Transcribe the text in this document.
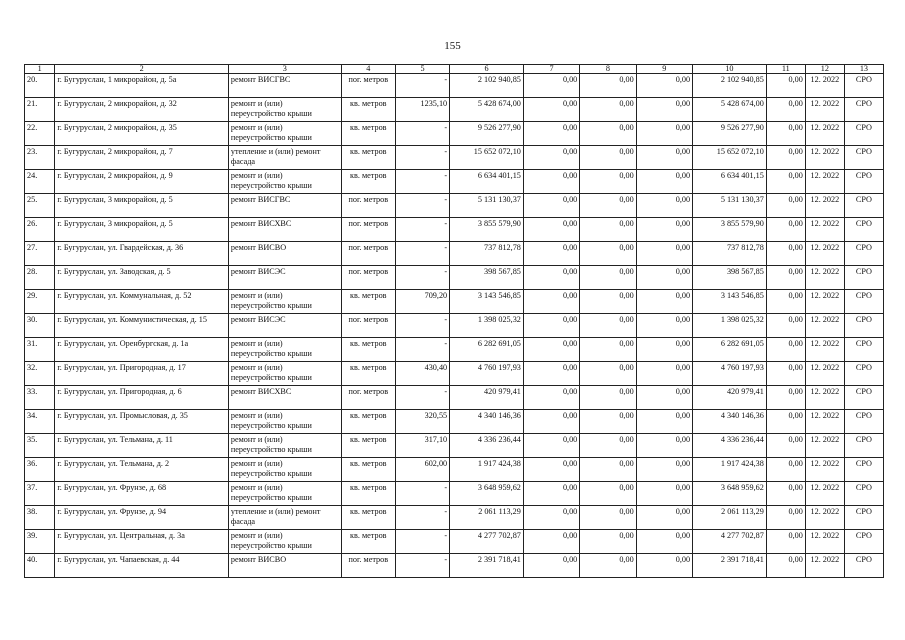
155
1	2	3	4	5	6	7	8	9	10	11	12	13
20.	г. Бугуруслан, 1 микрорайон, д. 5а	ремонт ВИСГВС	пог. метров	-	2 102 940,85	0,00	0,00	0,00	2 102 940,85	0,00	12. 2022	СРО
21.	г. Бугуруслан, 2 микрорайон, д. 32	ремонт и (или) переустройство крыши	кв. метров	1235,10	5 428 674,00	0,00	0,00	0,00	5 428 674,00	0,00	12. 2022	СРО
22.	г. Бугуруслан, 2 микрорайон, д. 35	ремонт и (или) переустройство крыши	кв. метров	-	9 526 277,90	0,00	0,00	0,00	9 526 277,90	0,00	12. 2022	СРО
23.	г. Бугуруслан, 2 микрорайон, д. 7	утепление и (или) ремонт фасада	кв. метров	-	15 652 072,10	0,00	0,00	0,00	15 652 072,10	0,00	12. 2022	СРО
24.	г. Бугуруслан, 2 микрорайон, д. 9	ремонт и (или) переустройство крыши	кв. метров	-	6 634 401,15	0,00	0,00	0,00	6 634 401,15	0,00	12. 2022	СРО
25.	г. Бугуруслан, 3 микрорайон, д. 5	ремонт ВИСГВС	пог. метров	-	5 131 130,37	0,00	0,00	0,00	5 131 130,37	0,00	12. 2022	СРО
26.	г. Бугуруслан, 3 микрорайон, д. 5	ремонт ВИСХВС	пог. метров	-	3 855 579,90	0,00	0,00	0,00	3 855 579,90	0,00	12. 2022	СРО
27.	г. Бугуруслан, ул. Гвардейская, д. 36	ремонт ВИСВО	пог. метров	-	737 812,78	0,00	0,00	0,00	737 812,78	0,00	12. 2022	СРО
28.	г. Бугуруслан, ул. Заводская, д. 5	ремонт ВИСЭС	пог. метров	-	398 567,85	0,00	0,00	0,00	398 567,85	0,00	12. 2022	СРО
29.	г. Бугуруслан, ул. Коммунальная, д. 52	ремонт и (или) переустройство крыши	кв. метров	709,20	3 143 546,85	0,00	0,00	0,00	3 143 546,85	0,00	12. 2022	СРО
30.	г. Бугуруслан, ул. Коммунистическая, д. 15	ремонт ВИСЭС	пог. метров	-	1 398 025,32	0,00	0,00	0,00	1 398 025,32	0,00	12. 2022	СРО
31.	г. Бугуруслан, ул. Оренбургская, д. 1а	ремонт и (или) переустройство крыши	кв. метров	-	6 282 691,05	0,00	0,00	0,00	6 282 691,05	0,00	12. 2022	СРО
32.	г. Бугуруслан, ул. Пригородная, д. 17	ремонт и (или) переустройство крыши	кв. метров	430,40	4 760 197,93	0,00	0,00	0,00	4 760 197,93	0,00	12. 2022	СРО
33.	г. Бугуруслан, ул. Пригородная, д. 6	ремонт ВИСХВС	пог. метров	-	420 979,41	0,00	0,00	0,00	420 979,41	0,00	12. 2022	СРО
34.	г. Бугуруслан, ул. Промысловая, д. 35	ремонт и (или) переустройство крыши	кв. метров	320,55	4 340 146,36	0,00	0,00	0,00	4 340 146,36	0,00	12. 2022	СРО
35.	г. Бугуруслан, ул. Тельмана, д. 11	ремонт и (или) переустройство крыши	кв. метров	317,10	4 336 236,44	0,00	0,00	0,00	4 336 236,44	0,00	12. 2022	СРО
36.	г. Бугуруслан, ул. Тельмана, д. 2	ремонт и (или) переустройство крыши	кв. метров	602,00	1 917 424,38	0,00	0,00	0,00	1 917 424,38	0,00	12. 2022	СРО
37.	г. Бугуруслан, ул. Фрунзе, д. 68	ремонт и (или) переустройство крыши	кв. метров	-	3 648 959,62	0,00	0,00	0,00	3 648 959,62	0,00	12. 2022	СРО
38.	г. Бугуруслан, ул. Фрунзе, д. 94	утепление и (или) ремонт фасада	кв. метров	-	2 061 113,29	0,00	0,00	0,00	2 061 113,29	0,00	12. 2022	СРО
39.	г. Бугуруслан, ул. Центральная, д. 3а	ремонт и (или) переустройство крыши	кв. метров	-	4 277 702,87	0,00	0,00	0,00	4 277 702,87	0,00	12. 2022	СРО
40.	г. Бугуруслан, ул. Чапаевская, д. 44	ремонт ВИСВО	пог. метров	-	2 391 718,41	0,00	0,00	0,00	2 391 718,41	0,00	12. 2022	СРО
